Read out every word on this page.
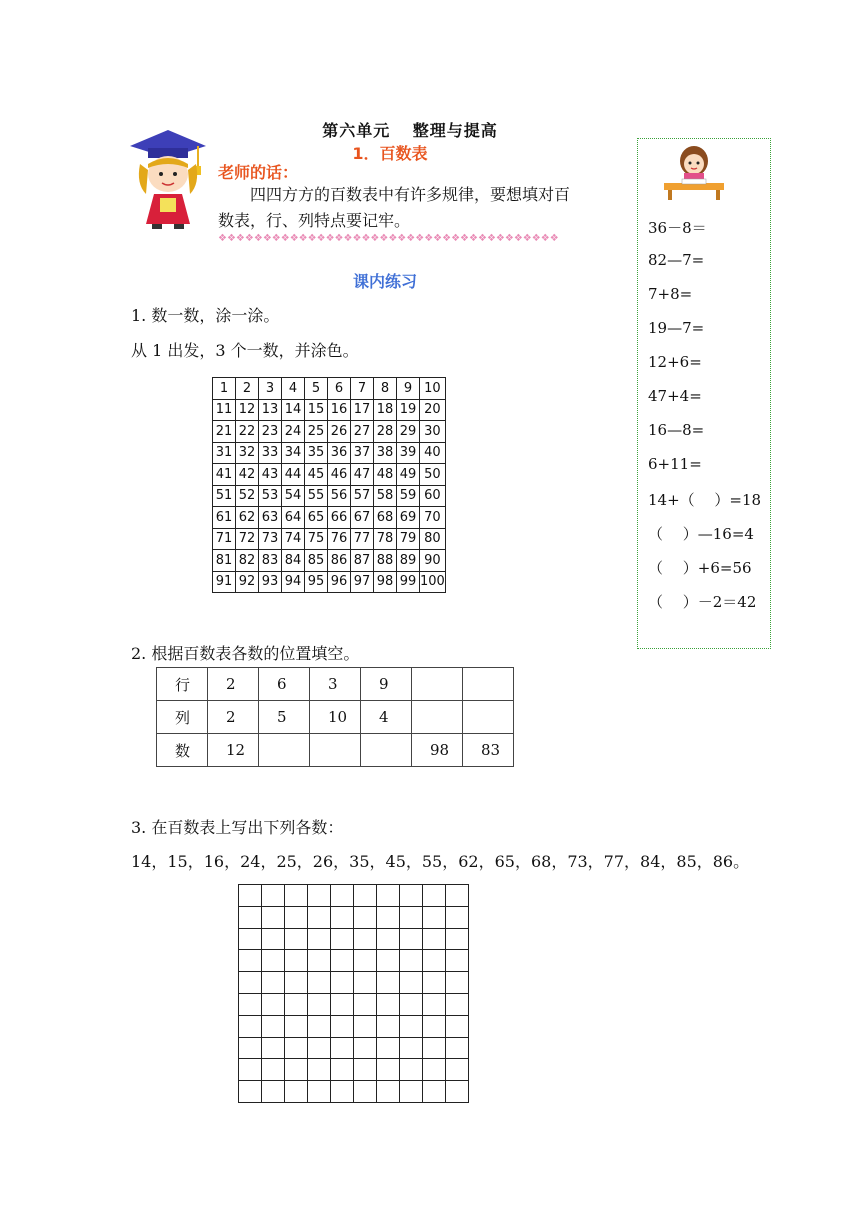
第六单元 整理与提高
1．百数表
老师的话：

四四方方的百数表中有许多规律，要想填对百

数表，行、列特点要记牢。

❖❖❖❖❖❖❖❖❖❖❖❖❖❖❖❖❖❖❖❖❖❖❖❖❖❖❖❖❖❖❖❖❖❖❖❖❖❖
课内练习
1. 数一数，涂一涂。
从 1 出发，3 个一数，并涂色。
1	2	3	4	5	6	7	8	9	10
11	12	13	14	15	16	17	18	19	20
21	22	23	24	25	26	27	28	29	30
31	32	33	34	35	36	37	38	39	40
41	42	43	44	45	46	47	48	49	50
51	52	53	54	55	56	57	58	59	60
61	62	63	64	65	66	67	68	69	70
71	72	73	74	75	76	77	78	79	80
81	82	83	84	85	86	87	88	89	90
91	92	93	94	95	96	97	98	99	100
2. 根据百数表各数的位置填空。
行	2	6	3	9		
列	2	5	10	4		
数	12				98	83
3. 在百数表上写出下列各数：
14，15，16，24，25，26，35，45，55，62，65，68，73，77，84，85，86。

36－8＝
82—7=
7+8=
19—7=
12+6=
47+4=
16—8=
6+11=
14+（　 ）=18
（　 ）—16=4
（　 ）+6=56
（　 ）－2＝42
